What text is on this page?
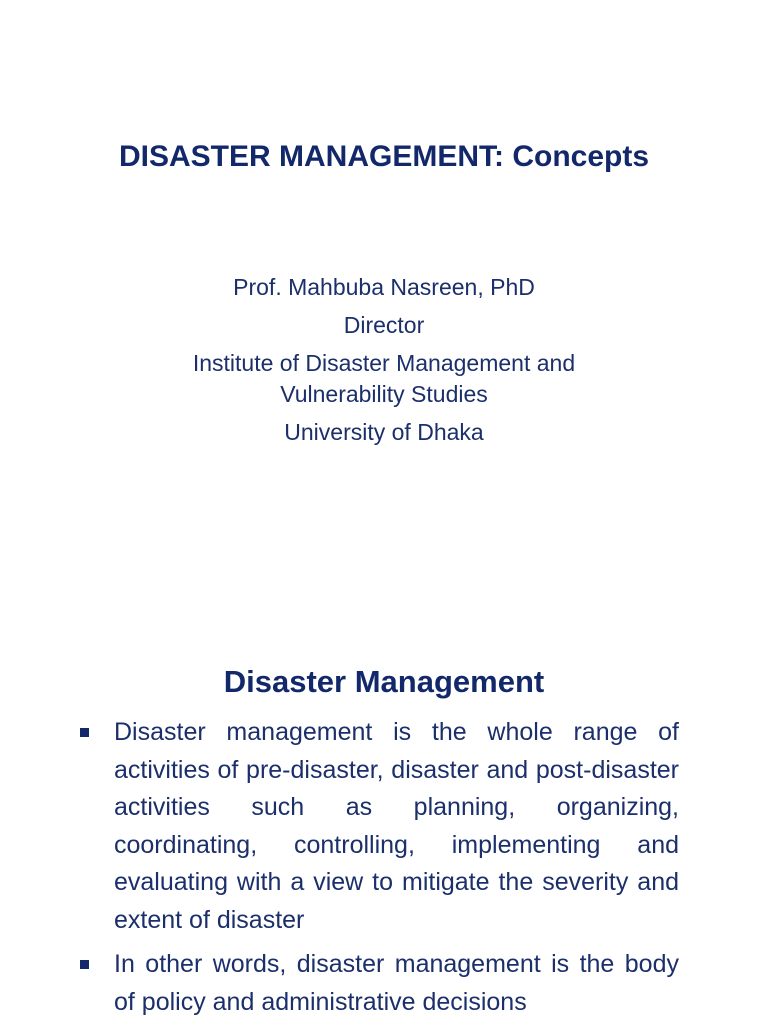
DISASTER MANAGEMENT: Concepts
Prof. Mahbuba Nasreen, PhD
Director
Institute of Disaster Management and
Vulnerability Studies
University of Dhaka
Disaster Management
Disaster management is the whole range of activities of pre-disaster, disaster and post-disaster activities such as planning, organizing, coordinating, controlling, implementing and evaluating with a view to mitigate the severity and extent of disaster
In other words, disaster management is the body of policy and administrative decisions
